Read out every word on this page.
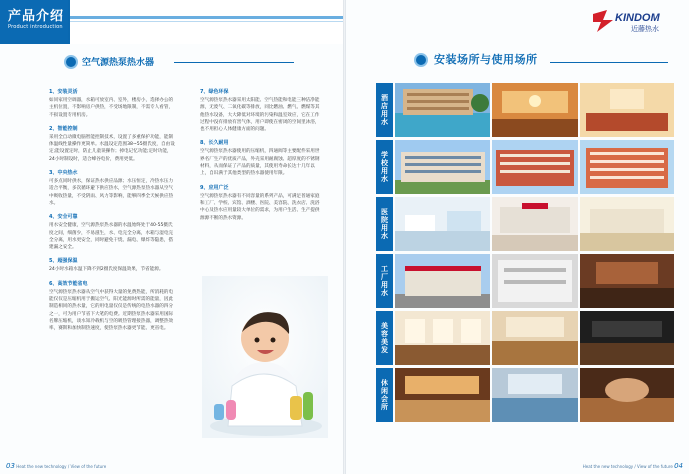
产品介绍
Product introduction
空气源热泵热水器
1、安装灵活

如同家用空调器，水箱可放室内、室外，楼房小，选择办公的主机位置，不影响房户供热，不受场地限制，不需专人看管，不损设置专用机房。

2、智能控制

采用全自动微电脑智能控制技术，设置了多重保护功能，能制体温线性量操作更简单。水温设定范围38~55摄氏度，自由设定;能设置定时，防止儿童误操作；掉电记忆功能;定时功能，24小时制设时，适合峰谷电价，费用更低。

3、中央热水

可多点同时供水，保证热水供应品源；水压恒定，冷热水压力适合平衡，多次循环避下供应热水，空气源热泵热水器从空气中吸收热量，不受阴雨、风力等影响，能够四季全天候供应热水。

4、安全可靠

用水安全健康，空气源热泵热水器的水温始终处于40-55摄氏度之间，细菌少，不易滋生，水、电完全分离，水箱与湿电完全分离，用水更安全，同时避免干烧、漏电、爆炸等隐患，搭建漏之安全。

5、超强保温

24小时水箱水温下降不到2摄氏度保温效果，节省能源。

6、高效节能省电

空气源热泵热水器从空气中获得大量的免费热能，所消耗的电能仅仅是压缩机用于搬运空气、阳光能源时所需的能量，因此制造相同的热水量，它的用电量仅仅是传统的电热水器的四分之一，可为用户节省下大笔的电费。近期热泵热水器采用国际名牌压缩机，谈水知冷载机与空的吸热管理接热器，调整热效率，赛斯和加快制热速度，使热泵热水器更节能、更省电。

7、绿色环保

空气源热泵热水器采用太阳能、空气热能和电能三种洁净能源，无废气、二氧化碳等排放，同比燃油、燃气、燃煤等其他热水设备，大大降低对环境的污染和温室效应，它在工作过程中没有排放有害气体，用户即使在密闭的空间里沐浴，也不用担心人体健康方面的问题。

8、长久耐用

空气源热泵热水器使用的压缩机，四通阀等主要配件采用世界名厂生产的优质产品，外壳采用耐腐蚀、超厚度的不锈钢材料，从而保证了产品的质量，其使用寿命长达十几年以上，自识满于其他类型的热水器使用年限。

9、应用广泛

空气源热泵热水器有不同容量的系列产品，可满足普通家庭和工厂、学校、宾馆、酒楼、医院、美容院、洗衣店、洗浴中心及热水应用量较大单位的需求，为用户生活、生产提供源源不断的热水资源。

03 Heat the new technology / View of the future
KINDOM
近藤热水
安装场所与使用场所
酒店用水
学校用水
医院用水
工厂用水
美容美发
休闲会所
Heat the new technology / View of the future 04
